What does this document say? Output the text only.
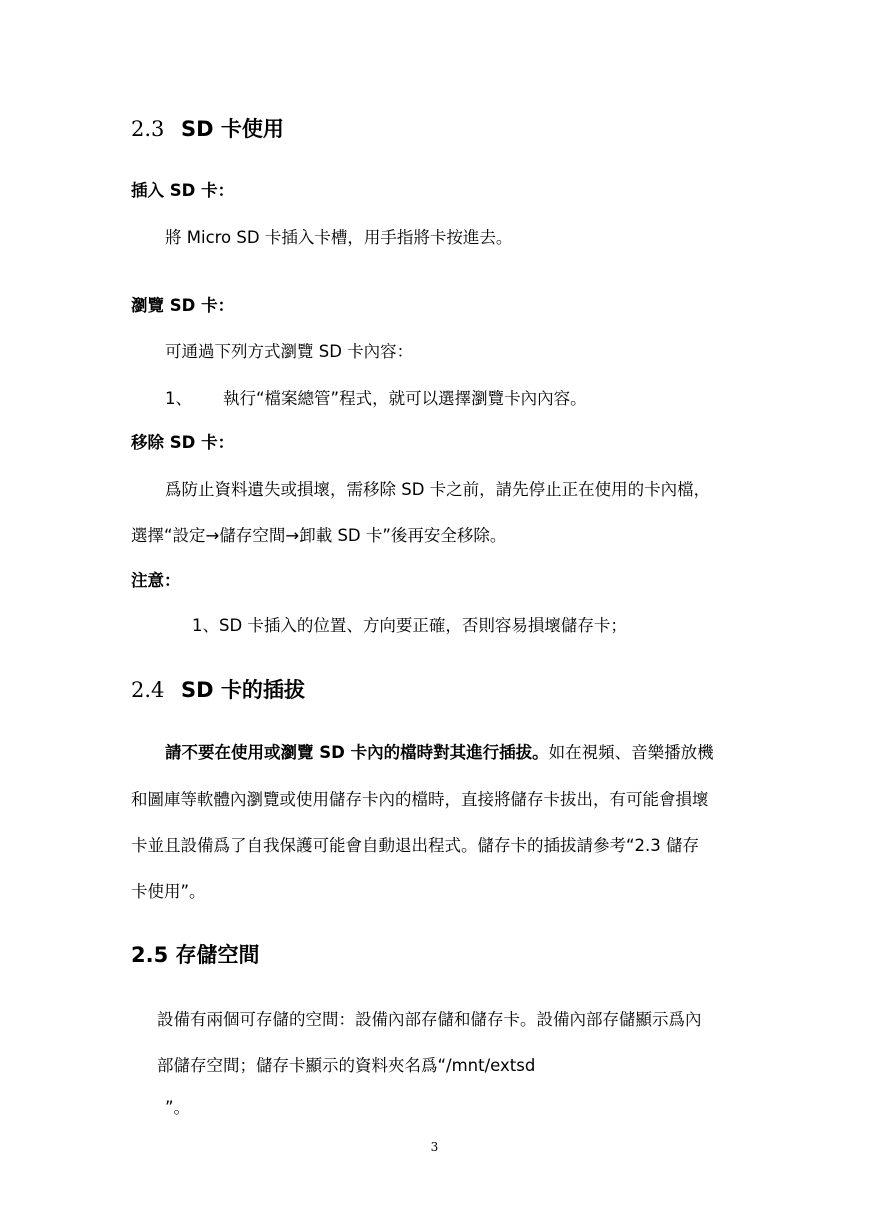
2.3 SD 卡使用
插入 SD 卡：
將 Micro SD 卡插入卡槽，用手指將卡按進去。
瀏覽 SD 卡：
可通過下列方式瀏覽 SD 卡內容：
1、 執行“檔案總管”程式，就可以選擇瀏覽卡內內容。
移除 SD 卡：
爲防止資料遺失或損壞，需移除 SD 卡之前，請先停止正在使用的卡內檔，
選擇“設定→儲存空間→卸載 SD 卡”後再安全移除。
注意：
1、SD 卡插入的位置、方向要正確，否則容易損壞儲存卡；
2.4 SD 卡的插拔
請不要在使用或瀏覽 SD 卡內的檔時對其進行插拔。如在視頻、音樂播放機
和圖庫等軟體內瀏覽或使用儲存卡內的檔時，直接將儲存卡拔出，有可能會損壞
卡並且設備爲了自我保護可能會自動退出程式。儲存卡的插拔請參考“2.3 儲存
卡使用”。
2.5 存儲空間
設備有兩個可存儲的空間：設備內部存儲和儲存卡。設備內部存儲顯示爲內
部儲存空間；儲存卡顯示的資料夾名爲“/mnt/extsd
”。
3
